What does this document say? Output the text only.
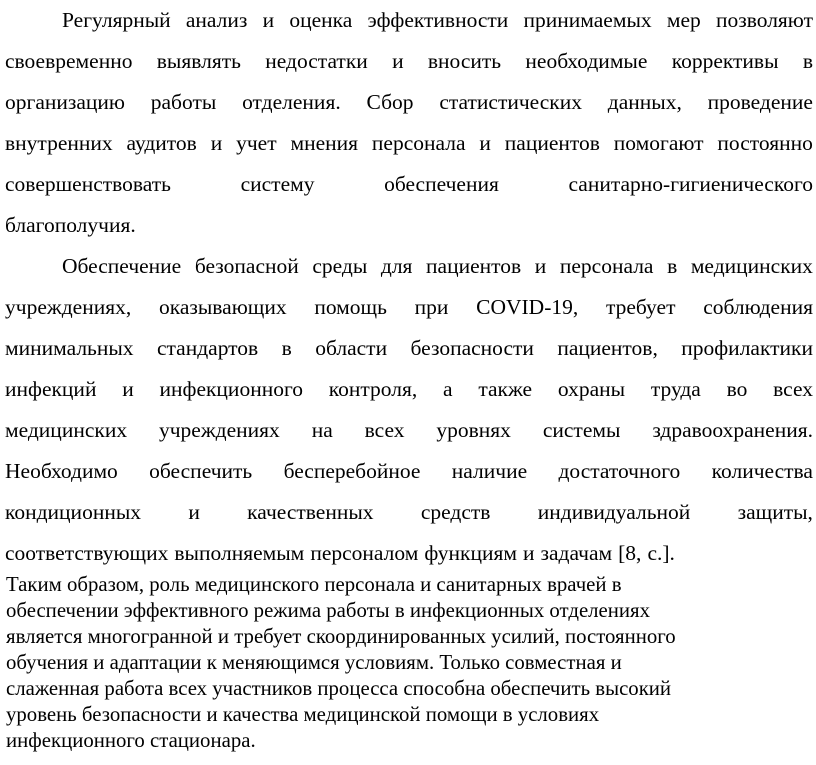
Регулярный анализ и оценка эффективности принимаемых мер позволяют
своевременно выявлять недостатки и вносить необходимые коррективы в
организацию работы отделения. Сбор статистических данных, проведение
внутренних аудитов и учет мнения персонала и пациентов помогают постоянно
совершенствовать	систему	обеспечения	санитарно-гигиенического
благополучия.
Обеспечение безопасной среды для пациентов и персонала в медицинских
учреждениях, оказывающих помощь при COVID-19, требует соблюдения
минимальных стандартов в области безопасности пациентов, профилактики
инфекций и инфекционного контроля, а также охраны труда во всех
медицинских учреждениях на всех уровнях системы здравоохранения.
Необходимо обеспечить бесперебойное наличие достаточного количества
кондиционных и качественных средств индивидуальной защиты,
соответствующих выполняемым персоналом функциям и задачам [8, с.].
Таким образом, роль медицинского персонала и санитарных врачей в
обеспечении эффективного режима работы в инфекционных отделениях
является многогранной и требует скоординированных усилий, постоянного
обучения и адаптации к меняющимся условиям. Только совместная и
слаженная работа всех участников процесса способна обеспечить высокий
уровень безопасности и качества медицинской помощи в условиях
инфекционного стационара.
